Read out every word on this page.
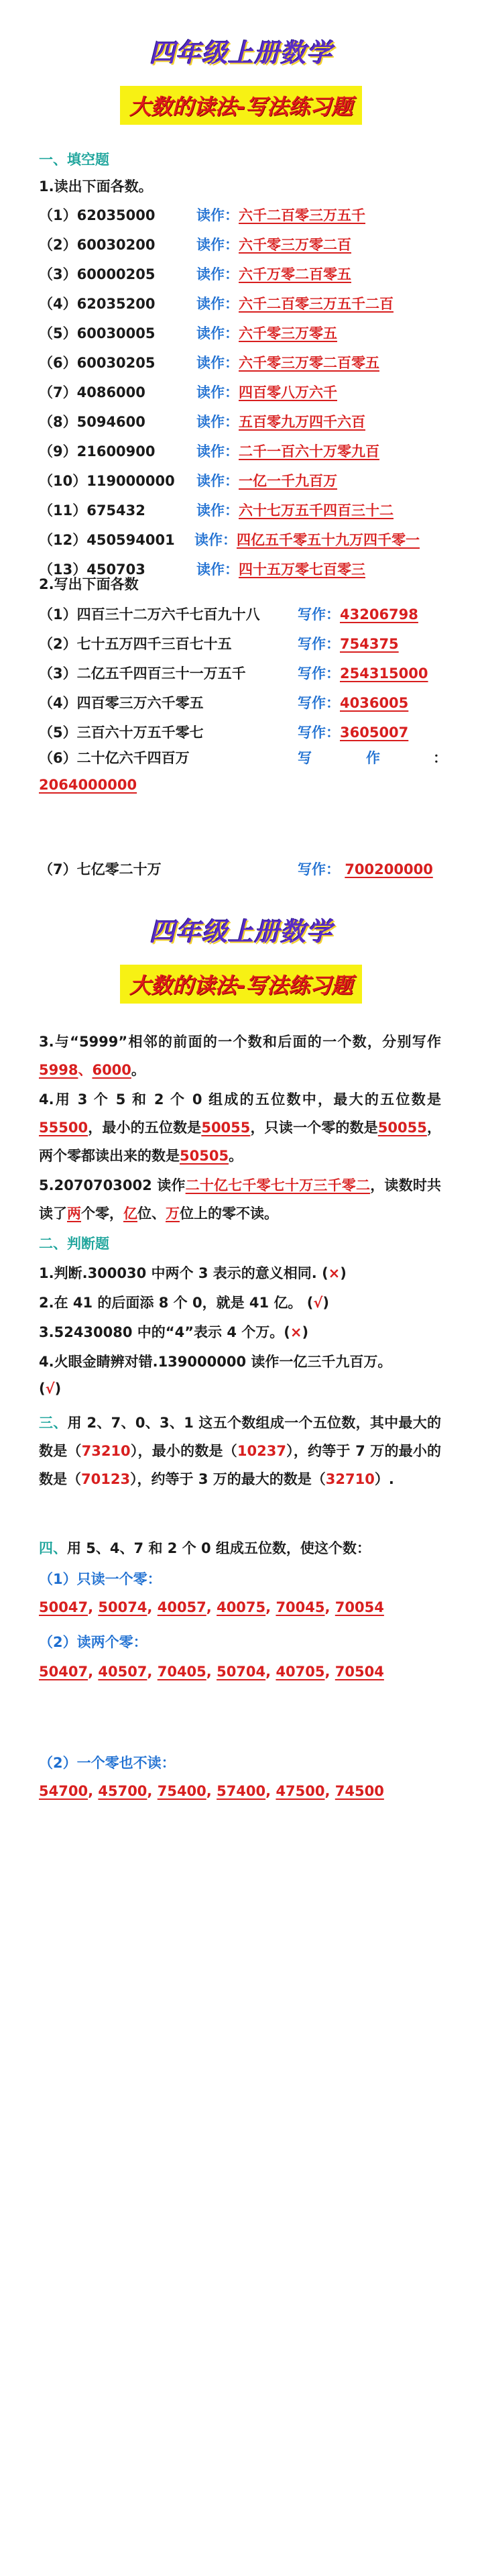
四年级上册数学
大数的读法-写法练习题
一、填空题
1.读出下面各数。
（1）62035000	读作：六千二百零三万五千
（2）60030200	读作：六千零三万零二百
（3）60000205	读作：六千万零二百零五
（4）62035200	读作：六千二百零三万五千二百
（5）60030005	读作：六千零三万零五
（6）60030205	读作：六千零三万零二百零五
（7）4086000	读作：四百零八万六千
（8）5094600	读作：五百零九万四千六百
（9）21600900	读作：二千一百六十万零九百
（10）119000000 读作：一亿一千九百万
（11）675432	读作：六十七万五千四百三十二
（12）450594001 读作：四亿五千零五十九万四千零一
（13）450703	读作：四十五万零七百零三
2.写出下面各数
（1）四百三十二万六千七百九十八	写作：43206798
（2）七十五万四千三百七十五	写作：754375
（3）二亿五千四百三十一万五千	写作：254315000
（4）四百零三万六千零五	写作：4036005
（5）三百六十万五千零七	写作：3605007
（6）二十亿六千四百万	写	作	：
2064000000
（7）七亿零二十万	写作： 700200000
四年级上册数学
大数的读法-写法练习题
3.与“5999”相邻的前面的一个数和后面的一个数，分别写作5998、6000。
4.用 3 个 5 和 2 个 0 组成的五位数中，最大的五位数是55500，最小的五位数是50055，只读一个零的数是50055，两个零都读出来的数是50505。
5.2070703002 读作二十亿七千零七十万三千零二，读数时共读了两个零，亿位、万位上的零不读。
二、判断题
1.判断.300030 中两个 3 表示的意义相同. (×)
2.在 41 的后面添 8 个 0，就是 41 亿。 (√)
3.52430080 中的“4”表示 4 个万。(×)
4.火眼金睛辨对错.139000000 读作一亿三千九百万。
(√)
三、用 2、7、0、3、1 这五个数组成一个五位数，其中最大的数是（73210），最小的数是（10237），约等于 7 万的最小的数是（70123），约等于 3 万的最大的数是（32710）.
四、用 5、4、7 和 2 个 0 组成五位数，使这个数：
（1）只读一个零：
50047, 50074, 40057, 40075, 70045, 70054
（2）读两个零：
50407, 40507, 70405, 50704, 40705, 70504
（2）一个零也不读：
54700, 45700, 75400, 57400, 47500, 74500
